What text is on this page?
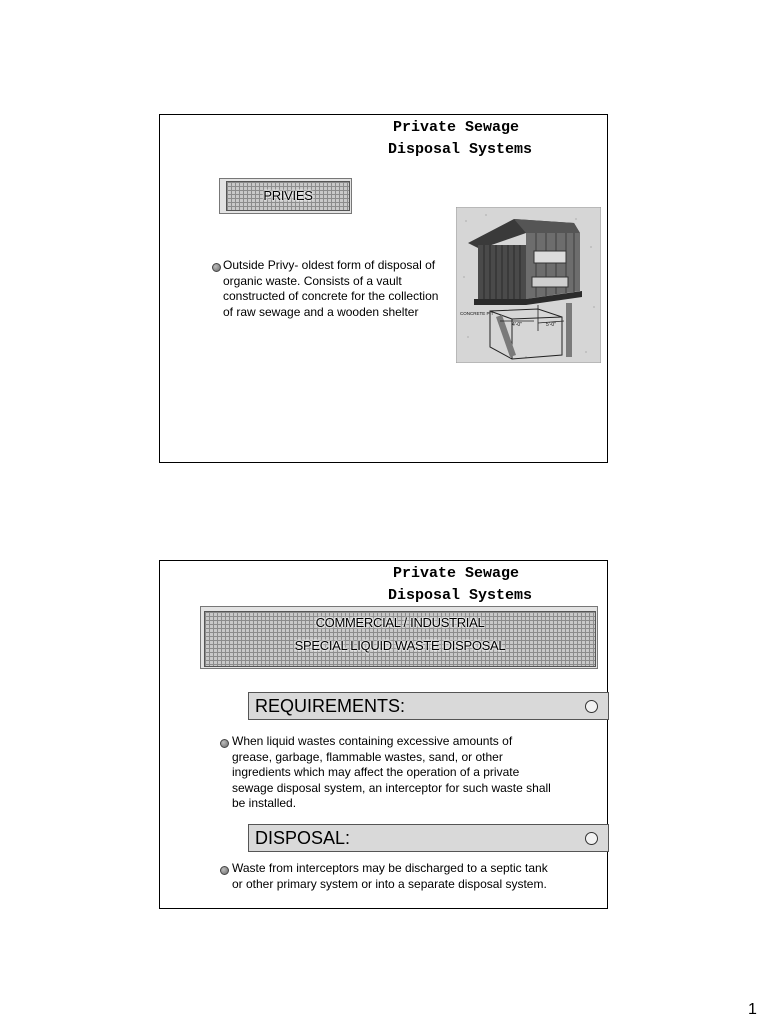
Private Sewage
Disposal Systems
PRIVIES
Outside Privy- oldest form of disposal of
organic waste. Consists of a vault
constructed of concrete for the collection
of raw sewage and a wooden shelter	CONCRETE PIT
4'-0"	5'-0"
Private Sewage
Disposal Systems
COMMERCIAL / INDUSTRIAL
SPECIAL LIQUID WASTE DISPOSAL
REQUIREMENTS:
When liquid wastes containing excessive amounts of
grease, garbage, flammable wastes, sand, or other
ingredients which may affect the operation of a private
sewage disposal system, an interceptor for such waste shall
be installed.
DISPOSAL:
Waste from interceptors may be discharged to a septic tank
or other primary system or into a separate disposal system.
1
